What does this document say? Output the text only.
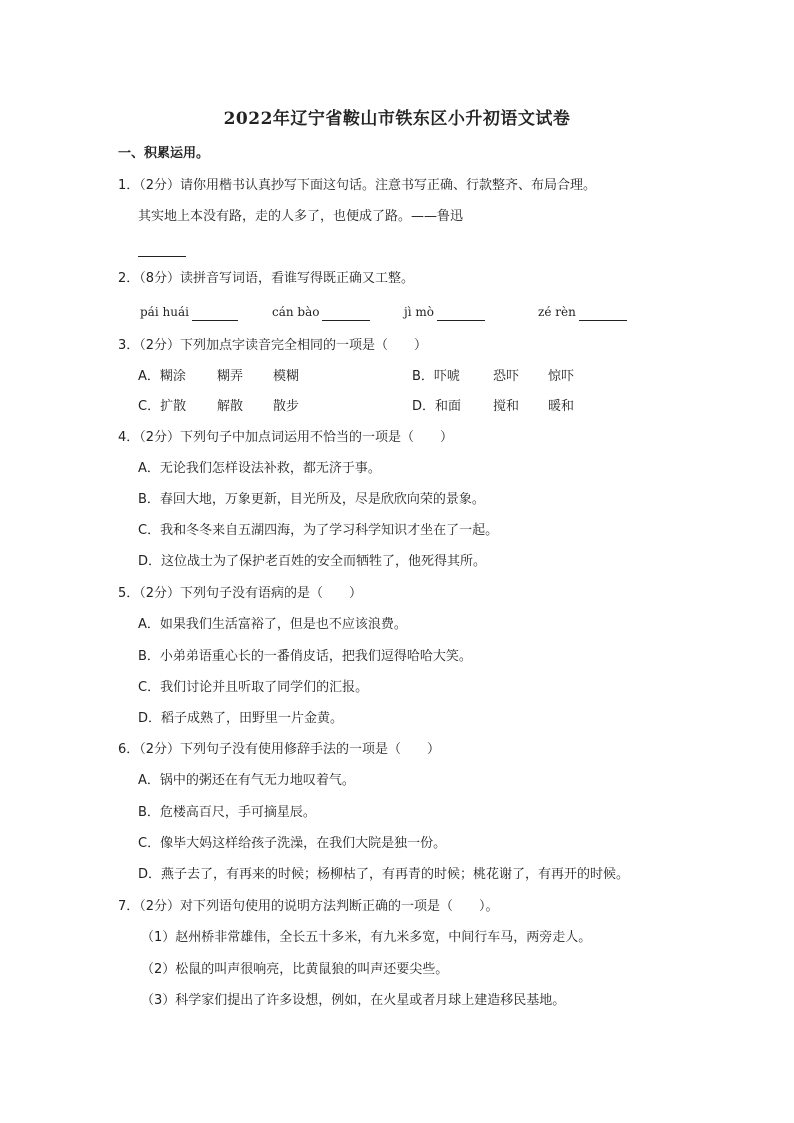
2022年辽宁省鞍山市铁东区小升初语文试卷
一、积累运用。
1．（2分）请你用楷书认真抄写下面这句话。注意书写正确、行款整齐、布局合理。
其实地上本没有路，走的人多了，也便成了路。——鲁迅
2．（8分）读拼音写词语，看谁写得既正确又工整。
pái huái	cán bào	jì mò	zé rèn
3．（2分）下列加点字读音完全相同的一项是（　　）
A．糊涂 糊弄 模糊	B．吓唬	恐吓 惊吓
C．扩散 解散 散步	D．和面 搅和 暖和
4．（2分）下列句子中加点词运用不恰当的一项是（　　）
A．无论我们怎样设法补救，都无济于事。
B．春回大地，万象更新，目光所及，尽是欣欣向荣的景象。
C．我和冬冬来自五湖四海，为了学习科学知识才坐在了一起。
D．这位战士为了保护老百姓的安全而牺牲了，他死得其所。
5．（2分）下列句子没有语病的是（　　）
A．如果我们生活富裕了，但是也不应该浪费。
B．小弟弟语重心长的一番俏皮话，把我们逗得哈哈大笑。
C．我们讨论并且听取了同学们的汇报。
D．稻子成熟了，田野里一片金黄。
6．（2分）下列句子没有使用修辞手法的一项是（　　）
A．锅中的粥还在有气无力地叹着气。
B．危楼高百尺，手可摘星辰。
C．像毕大妈这样给孩子洗澡，在我们大院是独一份。
D．燕子去了，有再来的时候；杨柳枯了，有再青的时候；桃花谢了，有再开的时候。
7．（2分）对下列语句使用的说明方法判断正确的一项是（　　）。
（1）赵州桥非常雄伟，全长五十多米，有九米多宽，中间行车马，两旁走人。
（2）松鼠的叫声很响亮，比黄鼠狼的叫声还要尖些。
（3）科学家们提出了许多设想，例如，在火星或者月球上建造移民基地。
